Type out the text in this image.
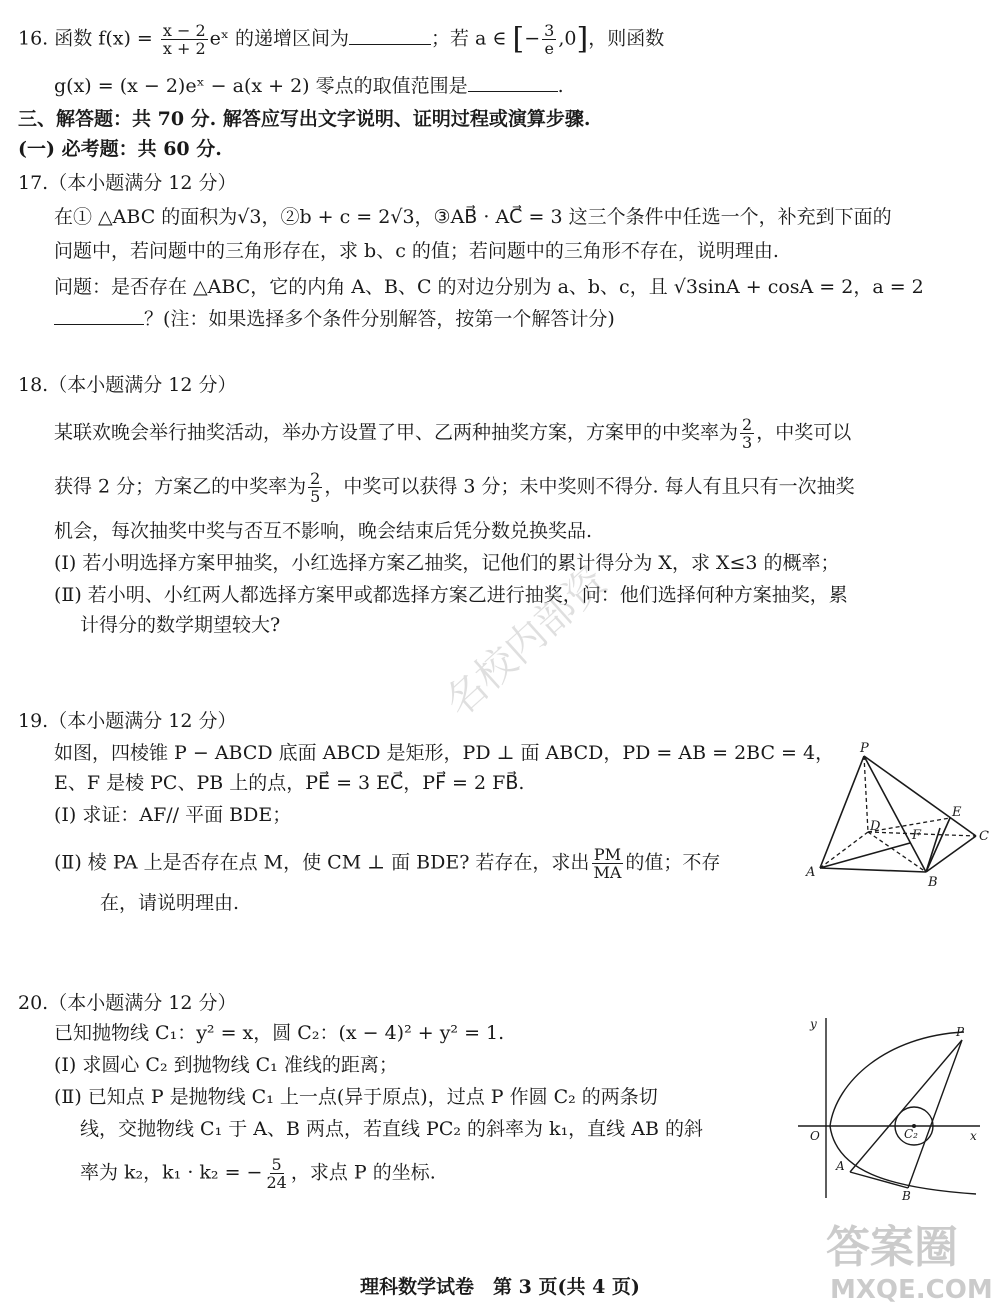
16. 函数 $f(x) = \frac{x - 2}{x + 2}$ eˣ 的递增区间为	；若 a ∈ [− $\frac{3}{e} ,0$]，则函数
g(x) = (x − 2)eˣ − a(x + 2) 零点的取值范围是	.
三、解答题：共 70 分. 解答应写出文字说明、证明过程或演算步骤.
(一) 必考题：共 60 分.
17.（本小题满分 12 分）
在① △ABC 的面积为√3，②b + c = 2√3，③AB⃗ · AC⃗ = 3 这三个条件中任选一个，补充到下面的
问题中，若问题中的三角形存在，求 b、c 的值；若问题中的三角形不存在，说明理由.
问题：是否存在 △ABC，它的内角 A、B、C 的对边分别为 a、b、c，且 √3sinA + cosA = 2，a = 2
？(注：如果选择多个条件分别解答，按第一个解答计分)
18.（本小题满分 12 分）
某联欢晚会举行抽奖活动，举办方设置了甲、乙两种抽奖方案，方案甲的中奖率为 $\frac{2}{3}$ ，中奖可以
获得 2 分；方案乙的中奖率为 $\frac{2}{5}$ ，中奖可以获得 3 分；未中奖则不得分. 每人有且只有一次抽奖
机会，每次抽奖中奖与否互不影响，晚会结束后凭分数兑换奖品.
(Ⅰ) 若小明选择方案甲抽奖，小红选择方案乙抽奖，记他们的累计得分为 X，求 X≤3 的概率；
(Ⅱ) 若小明、小红两人都选择方案甲或都选择方案乙进行抽奖，问：他们选择何种方案抽奖，累
计得分的数学期望较大?	名校内部资
19.（本小题满分 12 分）
如图，四棱锥 P − ABCD 底面 ABCD 是矩形，PD ⊥ 面 ABCD，PD = AB = 2BC = 4，
E、F 是棱 PC、PB 上的点，PE⃗ = 3 EC⃗，PF⃗ = 2 FB⃗.
(Ⅰ) 求证：AF// 平面 BDE；
(Ⅱ) 棱 PA 上是否存在点 M，使 CM ⊥ 面 BDE? 若存在，求出 $\frac{PM}{MA}$ 的值；不存
在，请说明理由.
P
A
B
C
D
E
F
20.（本小题满分 12 分）
已知抛物线 C₁：y² = x，圆 C₂：(x − 4)² + y² = 1.
(Ⅰ) 求圆心 C₂ 到抛物线 C₁ 准线的距离；
(Ⅱ) 已知点 P 是抛物线 C₁ 上一点(异于原点)，过点 P 作圆 C₂ 的两条切
线，交抛物线 C₁ 于 A、B 两点，若直线 PC₂ 的斜率为 k₁，直线 AB 的斜
率为 k₂，k₁ · k₂ = − $\frac{5}{24}$ ，求点 P 的坐标.
y
x
O
P
A
B
C₂
理科数学试卷　第 3 页(共 4 页)
答案圈
MXQE.COM
